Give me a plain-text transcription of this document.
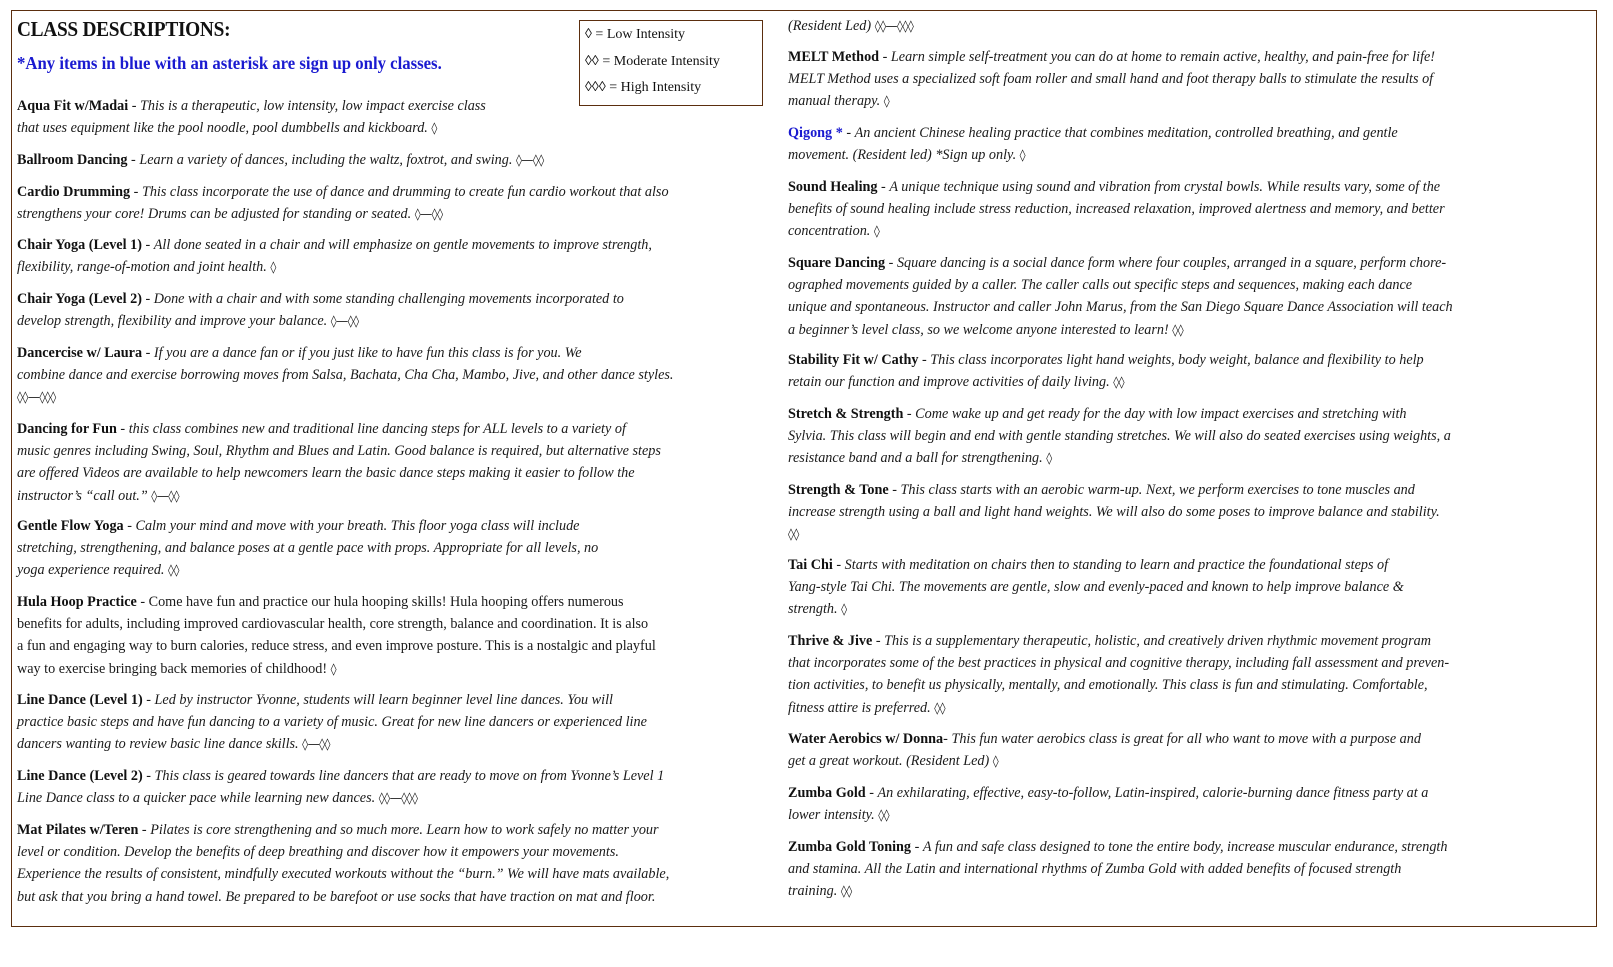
CLASS DESCRIPTIONS:

*Any items in blue with an asterisk are sign up only classes.

◊ = Low Intensity
◊◊ = Moderate Intensity
◊◊◊ = High Intensity
Aqua Fit w/Madai - This is a therapeutic, low intensity, low impact exercise class
that uses equipment like the pool noodle, pool dumbbells and kickboard. ◊
Ballroom Dancing - Learn a variety of dances, including the waltz, foxtrot, and swing. ◊—◊◊
Cardio Drumming - This class incorporate the use of dance and drumming to create fun cardio workout that also
strengthens your core! Drums can be adjusted for standing or seated. ◊—◊◊
Chair Yoga (Level 1) - All done seated in a chair and will emphasize on gentle movements to improve strength,
flexibility, range-of-motion and joint health. ◊
Chair Yoga (Level 2) - Done with a chair and with some standing challenging movements incorporated to
develop strength, flexibility and improve your balance. ◊—◊◊
Dancercise w/ Laura - If you are a dance fan or if you just like to have fun this class is for you. We
combine dance and exercise borrowing moves from Salsa, Bachata, Cha Cha, Mambo, Jive, and other dance styles.
◊◊—◊◊◊
Dancing for Fun - this class combines new and traditional line dancing steps for ALL levels to a variety of
music genres including Swing, Soul, Rhythm and Blues and Latin. Good balance is required, but alternative steps
are offered Videos are available to help newcomers learn the basic dance steps making it easier to follow the
instructor’s “call out.” ◊—◊◊
Gentle Flow Yoga - Calm your mind and move with your breath. This floor yoga class will include
stretching, strengthening, and balance poses at a gentle pace with props. Appropriate for all levels, no
yoga experience required. ◊◊
Hula Hoop Practice - Come have fun and practice our hula hooping skills! Hula hooping offers numerous
benefits for adults, including improved cardiovascular health, core strength, balance and coordination. It is also
a fun and engaging way to burn calories, reduce stress, and even improve posture. This is a nostalgic and playful
way to exercise bringing back memories of childhood! ◊
Line Dance (Level 1) - Led by instructor Yvonne, students will learn beginner level line dances. You will
practice basic steps and have fun dancing to a variety of music. Great for new line dancers or experienced line
dancers wanting to review basic line dance skills. ◊—◊◊
Line Dance (Level 2) - This class is geared towards line dancers that are ready to move on from Yvonne’s Level 1
Line Dance class to a quicker pace while learning new dances. ◊◊—◊◊◊
Mat Pilates w/Teren - Pilates is core strengthening and so much more. Learn how to work safely no matter your
level or condition. Develop the benefits of deep breathing and discover how it empowers your movements.
Experience the results of consistent, mindfully executed workouts without the “burn.” We will have mats available,
but ask that you bring a hand towel. Be prepared to be barefoot or use socks that have traction on mat and floor.
(Resident Led) ◊◊—◊◊◊
MELT Method - Learn simple self-treatment you can do at home to remain active, healthy, and pain-free for life!
MELT Method uses a specialized soft foam roller and small hand and foot therapy balls to stimulate the results of
manual therapy. ◊
Qigong * - An ancient Chinese healing practice that combines meditation, controlled breathing, and gentle
movement. (Resident led) *Sign up only. ◊
Sound Healing - A unique technique using sound and vibration from crystal bowls. While results vary, some of the
benefits of sound healing include stress reduction, increased relaxation, improved alertness and memory, and better
concentration. ◊
Square Dancing - Square dancing is a social dance form where four couples, arranged in a square, perform chore-
ographed movements guided by a caller. The caller calls out specific steps and sequences, making each dance
unique and spontaneous. Instructor and caller John Marus, from the San Diego Square Dance Association will teach
a beginner’s level class, so we welcome anyone interested to learn! ◊◊
Stability Fit w/ Cathy - This class incorporates light hand weights, body weight, balance and flexibility to help
retain our function and improve activities of daily living. ◊◊
Stretch & Strength - Come wake up and get ready for the day with low impact exercises and stretching with
Sylvia. This class will begin and end with gentle standing stretches. We will also do seated exercises using weights, a
resistance band and a ball for strengthening. ◊
Strength & Tone - This class starts with an aerobic warm-up. Next, we perform exercises to tone muscles and
increase strength using a ball and light hand weights. We will also do some poses to improve balance and stability.
◊◊
Tai Chi - Starts with meditation on chairs then to standing to learn and practice the foundational steps of
Yang-style Tai Chi. The movements are gentle, slow and evenly-paced and known to help improve balance &
strength. ◊
Thrive & Jive - This is a supplementary therapeutic, holistic, and creatively driven rhythmic movement program
that incorporates some of the best practices in physical and cognitive therapy, including fall assessment and preven-
tion activities, to benefit us physically, mentally, and emotionally. This class is fun and stimulating. Comfortable,
fitness attire is preferred. ◊◊
Water Aerobics w/ Donna- This fun water aerobics class is great for all who want to move with a purpose and
get a great workout. (Resident Led) ◊
Zumba Gold - An exhilarating, effective, easy-to-follow, Latin-inspired, calorie-burning dance fitness party at a
lower intensity. ◊◊
Zumba Gold Toning - A fun and safe class designed to tone the entire body, increase muscular endurance, strength
and stamina. All the Latin and international rhythms of Zumba Gold with added benefits of focused strength
training. ◊◊
